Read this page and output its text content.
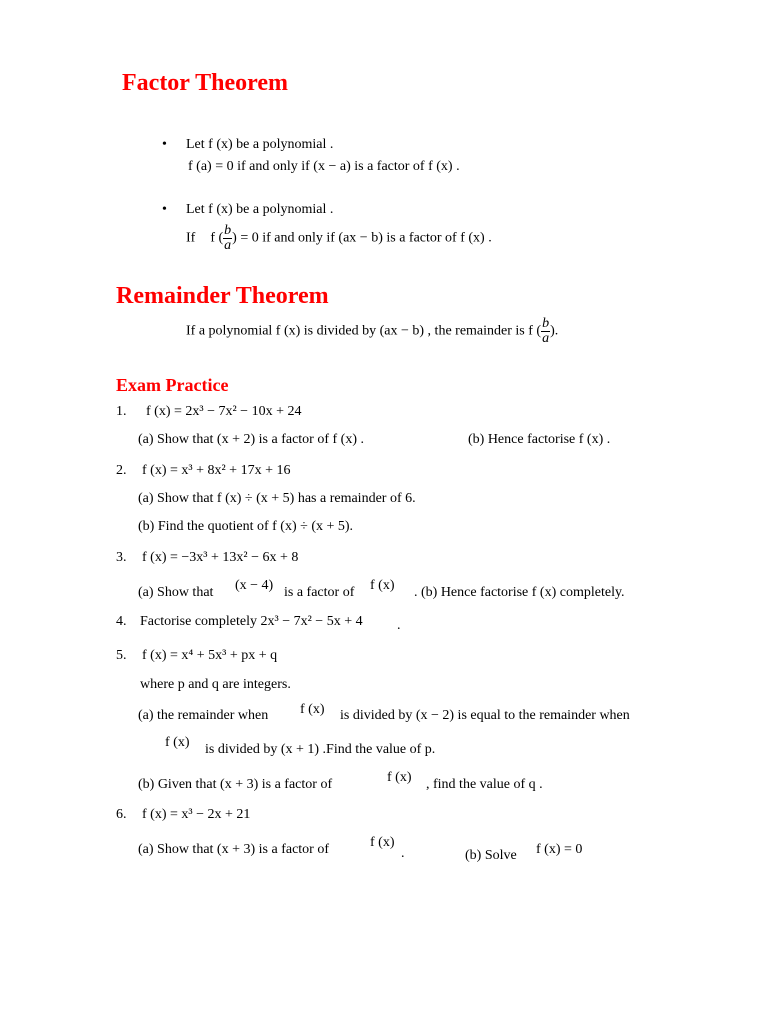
Factor Theorem
• Let f (x) be a polynomial .
f (a) = 0 if and only if (x − a) is a factor of f (x) .
• Let f (x) be a polynomial .
If f ( $\frac{b}{a}$ ) = 0 if and only if (ax − b) is a factor of f (x) .
Remainder Theorem
If a polynomial f (x) is divided by (ax − b) , the remainder is f ( $\frac{b}{a}$ ).
Exam Practice
1. f (x) = 2x³ − 7x² − 10x + 24
(a) Show that (x + 2) is a factor of f (x) .	(b) Hence factorise f (x) .
2. f (x) = x³ + 8x² + 17x + 16
(a) Show that f (x) ÷ (x + 5) has a remainder of 6.
(b) Find the quotient of f (x) ÷ (x + 5).
3. f (x) = −3x³ + 13x² − 6x + 8
(a) Show that (x − 4) is a factor of f (x) . (b) Hence factorise f (x) completely.
4. Factorise completely 2x³ − 7x² − 5x + 4 .
5. f (x) = x⁴ + 5x³ + px + q
where p and q are integers.
(a) the remainder when f (x) is divided by (x − 2) is equal to the remainder when
f (x) is divided by (x + 1) .Find the value of p.
(b) Given that (x + 3) is a factor of	f (x) , find the value of q .
6. f (x) = x³ − 2x + 21
(a) Show that (x + 3) is a factor of	f (x)
.	(b) Solve f (x) = 0
